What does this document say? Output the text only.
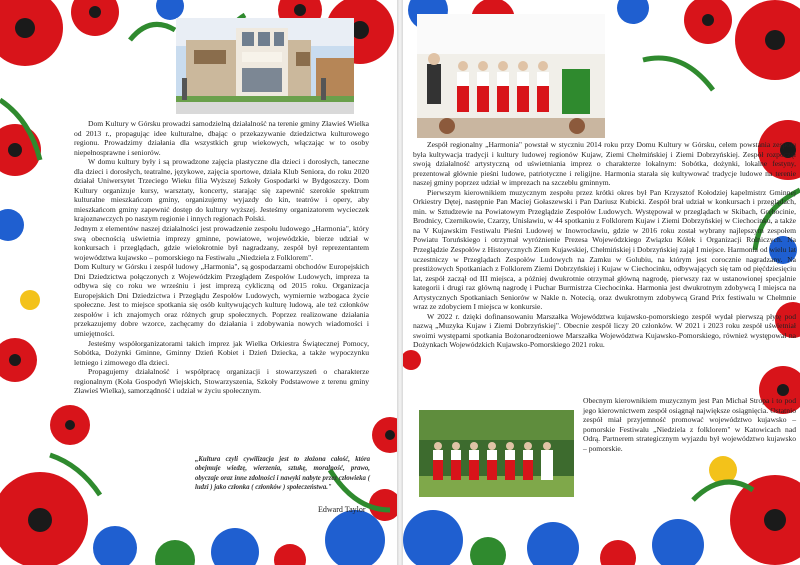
Dom Kultury w Górsku prowadzi samodzielną działalność na terenie gminy Zławieś Wielka od 2013 r., propagując idee kulturalne, dbając o przekazywanie dziedzictwa kulturowego regionu. Prowadzimy działania dla wszystkich grup wiekowych, włączając w to osoby niepełnosprawne i seniorów.

W domu kultury były i są prowadzone zajęcia plastyczne dla dzieci i dorosłych, taneczne dla dzieci i dorosłych, teatralne, językowe, zajęcia sportowe, działa Klub Seniora, do roku 2020 działał Uniwersytet Trzeciego Wieku filia Wyższej Szkoły Gospodarki w Bydgoszczy. Dom Kultury organizuje kursy, warsztaty, koncerty, starając się zapewnić szerokie spektrum kulturalne mieszkańcom gminy, organizujemy wyjazdy do kin, teatrów i opery, aby mieszkańcom gminy zapewnić dostęp do kultury wyższej. Jesteśmy organizatorem wycieczek krajoznawczych po naszym regionie i innych regionach Polski.

Jednym z elementów naszej działalności jest prowadzenie zespołu ludowego „Harmonia", który swą obecnością uświetnia imprezy gminne, powiatowe, wojewódzkie, bierze udział w konkursach i przeglądach, gdzie wielokrotnie był nagradzany, zespół był reprezentantem województwa kujawsko – pomorskiego na Festiwalu „Niedziela z Folklorem".

Dom Kultury w Górsku i zespół ludowy „Harmonia", są gospodarzami obchodów Europejskich Dni Dziedzictwa połączonych z Wojewódzkim Przeglądem Zespołów Ludowych, impreza ta odbywa się co roku we wrześniu i jest imprezą cykliczną od 2015 roku. Organizacja Europejskich Dni Dziedzictwa i Przeglądu Zespołów Ludowych, wymiernie wzbogaca życie społeczne. Jest to miejsce spotkania się osób kultywujących kulturę ludową, ale też członków zespołów i ich znajomych oraz różnych grup społecznych. Poprzez realizowane działania przekazujemy dobre wzorce, zachęcamy do działania i zdobywania nowych wiadomości i umiejętności.

Jesteśmy współorganizatorami takich imprez jak Wielka Orkiestra Świątecznej Pomocy, Sobótka, Dożynki Gminne, Gminny Dzień Kobiet i Dzień Dziecka, a także wypoczynku letniego i zimowego dla dzieci.

Propagujemy działalność i współpracę organizacji i stowarzyszeń o charakterze regionalnym (Koła Gospodyń Wiejskich, Stowarzyszenia, Szkoły Podstawowe z terenu gminy Zławieś Wielka), samorządność i udział w życiu społecznym.

„Kultura czyli cywilizacja jest to złożona całość, która obejmuje wiedzę, wierzenia, sztukę, moralność, prawo, obyczaje oraz inne zdolności i nawyki nabyte przez człowieka ( ludzi ) jako członka ( członków ) społeczeństwa."
Edward Taylor

Zespół regionalny „Harmonia" powstał w styczniu 2014 roku przy Domu Kultury w Górsku, celem powstania zespołu była kultywacja tradycji i kultury ludowej regionów Kujaw, Ziemi Chełmińskiej i Ziemi Dobrzyńskiej. Zespół rozpoczął swoją działalność artystyczną od uświetniania imprez o charakterze lokalnym: Sobótka, dożynki, lokalne festyny, prezentował głównie pieśni ludowe, patriotyczne i religijne. Harmonia starała się kultywować tradycje ludowe na terenie naszej gminy poprzez udział w imprezach na szczeblu gminnym.

Pierwszym kierownikiem muzycznym zespołu przez krótki okres był Pan Krzysztof Kołodziej kapelmistrz Gminnej Orkiestry Dętej, następnie Pan Maciej Gołaszewski i Pan Dariusz Kubicki. Zespół brał udział w konkursach i przeglądach, min. w Sztudzewie na Powiatowym Przeglądzie Zespołów Ludowych. Występował w przeglądach w Skibach, Grębocinie, Brodnicy, Czernikowie, Czarzy, Unisławiu, w 44 spotkaniu z Folklorem Kujaw i Ziemi Dobrzyńskiej w Ciechocinku, a także na V Kujawskim Festiwalu Pieśni Ludowej w Inowrocławiu, gdzie w 2016 roku został wybrany najlepszym zespołem Powiatu Toruńskiego i otrzymał wyróżnienie Prezesa Wojewódzkiego Związku Kółek i Organizacji Rolniczych. Na Przeglądzie Zespołów z Historycznych Ziem Kujawskiej, Chełmińskiej i Dobrzyńskiej zajął I miejsce. Harmonia od wielu lat uczestniczy w Przeglądach Zespołów Ludowych na Zamku w Golubiu, na którym jest corocznie nagradzany. Na prestiżowych Spotkaniach z Folklorem Ziemi Dobrzyńskiej i Kujaw w Ciechocinku, odbywających się tam od pięćdziesięciu lat, zespół zaczął od III miejsca, a później dwukrotnie otrzymał główną nagrodę, pierwszy raz w ustanowionej specjalnie kategorii i drugi raz główną nagrodę i Puchar Burmistrza Ciechocinka. Harmonia jest dwukrotnym zdobywcą I miejsca na Artystycznych Spotkaniach Seniorów w Nakle n. Notecią, oraz dwukrotnym zdobywcą Grand Prix festiwalu w Chełmnie wraz ze zdobyciem I miejsca w konkursie.

W 2022 r. dzięki dofinansowaniu Marszałka Województwa kujawsko-pomorskiego zespół wydał pierwszą płytę pod nazwą „Muzyka Kujaw i Ziemi Dobrzyńskiej". Obecnie zespół liczy 20 członków. W 2021 i 2023 roku zespół uświetniał swoimi występami spotkania Bożonarodzeniowe Marszałka Województwa Kujawsko-Pomorskiego, również występował na Dożynkach Wojewódzkich Kujawsko-Pomorskiego 2021 roku.

Obecnym kierownikiem muzycznym jest Pan Michał Stropa i to pod jego kierownictwem zespół osiągnął największe osiągnięcia. Ostatnio zespół miał przyjemność promować województwo kujawsko – pomorskie Festiwalu „Niedziela z folklorem" w Katowicach nad Odrą. Partnerem strategicznym wyjazdu był województwo kujawsko – pomorskie.
